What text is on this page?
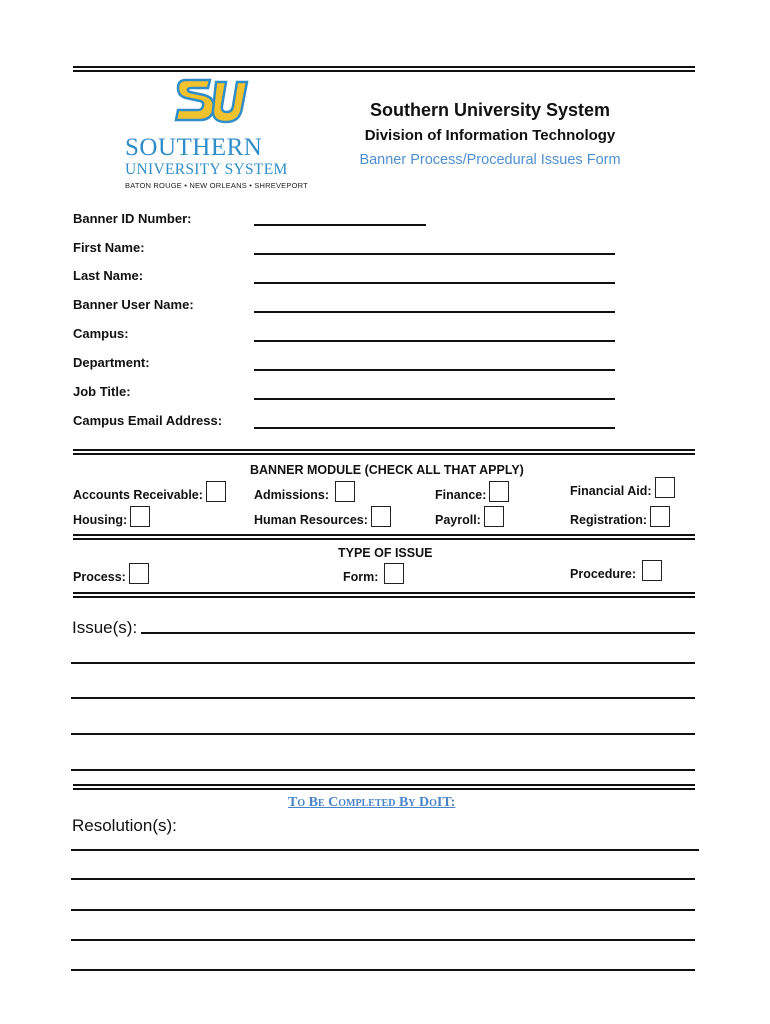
SOUTHERN
UNIVERSITY SYSTEM
BATON ROUGE • NEW ORLEANS • SHREVEPORT
Southern University System
Division of Information Technology
Banner Process/Procedural Issues Form
Banner ID Number:
First Name:
Last Name:
Banner User Name:
Campus:
Department:
Job Title:
Campus Email Address:
BANNER MODULE (CHECK ALL THAT APPLY)
Accounts Receivable:	Admissions:	Finance:	Financial Aid:
Housing:	Human Resources:	Payroll:	Registration:
TYPE OF ISSUE
Process:	Form:	Procedure:
Issue(s):
To Be Completed By DoIT:
Resolution(s):
